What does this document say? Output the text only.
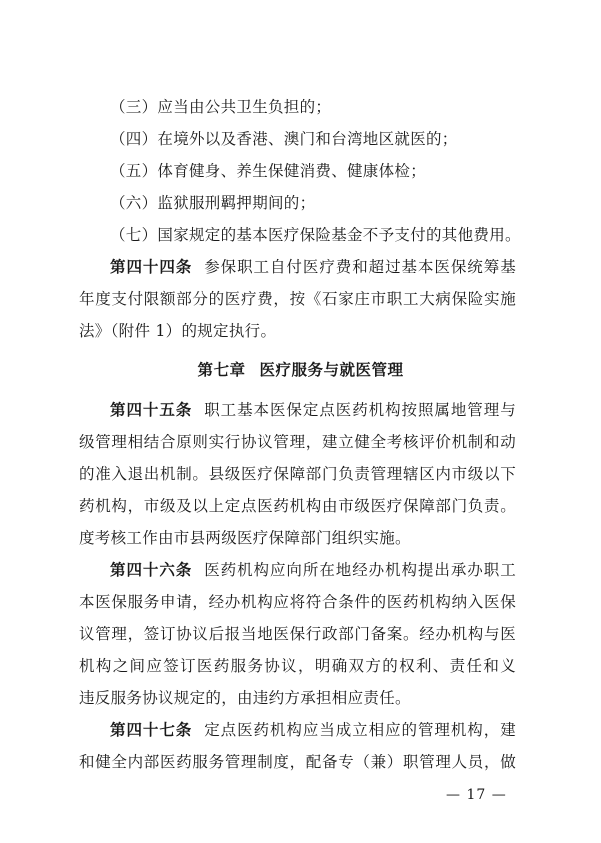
（三）应当由公共卫生负担的；
（四）在境外以及香港、澳门和台湾地区就医的；
（五）体育健身、养生保健消费、健康体检；
（六）监狱服刑羁押期间的；
（七）国家规定的基本医疗保险基金不予支付的其他费用。
第四十四条 参保职工自付医疗费和超过基本医保统筹基
年度支付限额部分的医疗费，按《石家庄市职工大病保险实施
法》（附件 1）的规定执行。
第七章 医疗服务与就医管理
第四十五条 职工基本医保定点医药机构按照属地管理与
级管理相结合原则实行协议管理，建立健全考核评价机制和动
的准入退出机制。县级医疗保障部门负责管理辖区内市级以下
药机构，市级及以上定点医药机构由市级医疗保障部门负责。
度考核工作由市县两级医疗保障部门组织实施。
第四十六条 医药机构应向所在地经办机构提出承办职工
本医保服务申请，经办机构应将符合条件的医药机构纳入医保
议管理，签订协议后报当地医保行政部门备案。经办机构与医
机构之间应签订医药服务协议，明确双方的权利、责任和义
违反服务协议规定的，由违约方承担相应责任。
第四十七条 定点医药机构应当成立相应的管理机构，建
和健全内部医药服务管理制度，配备专（兼）职管理人员，做
— 17 —
